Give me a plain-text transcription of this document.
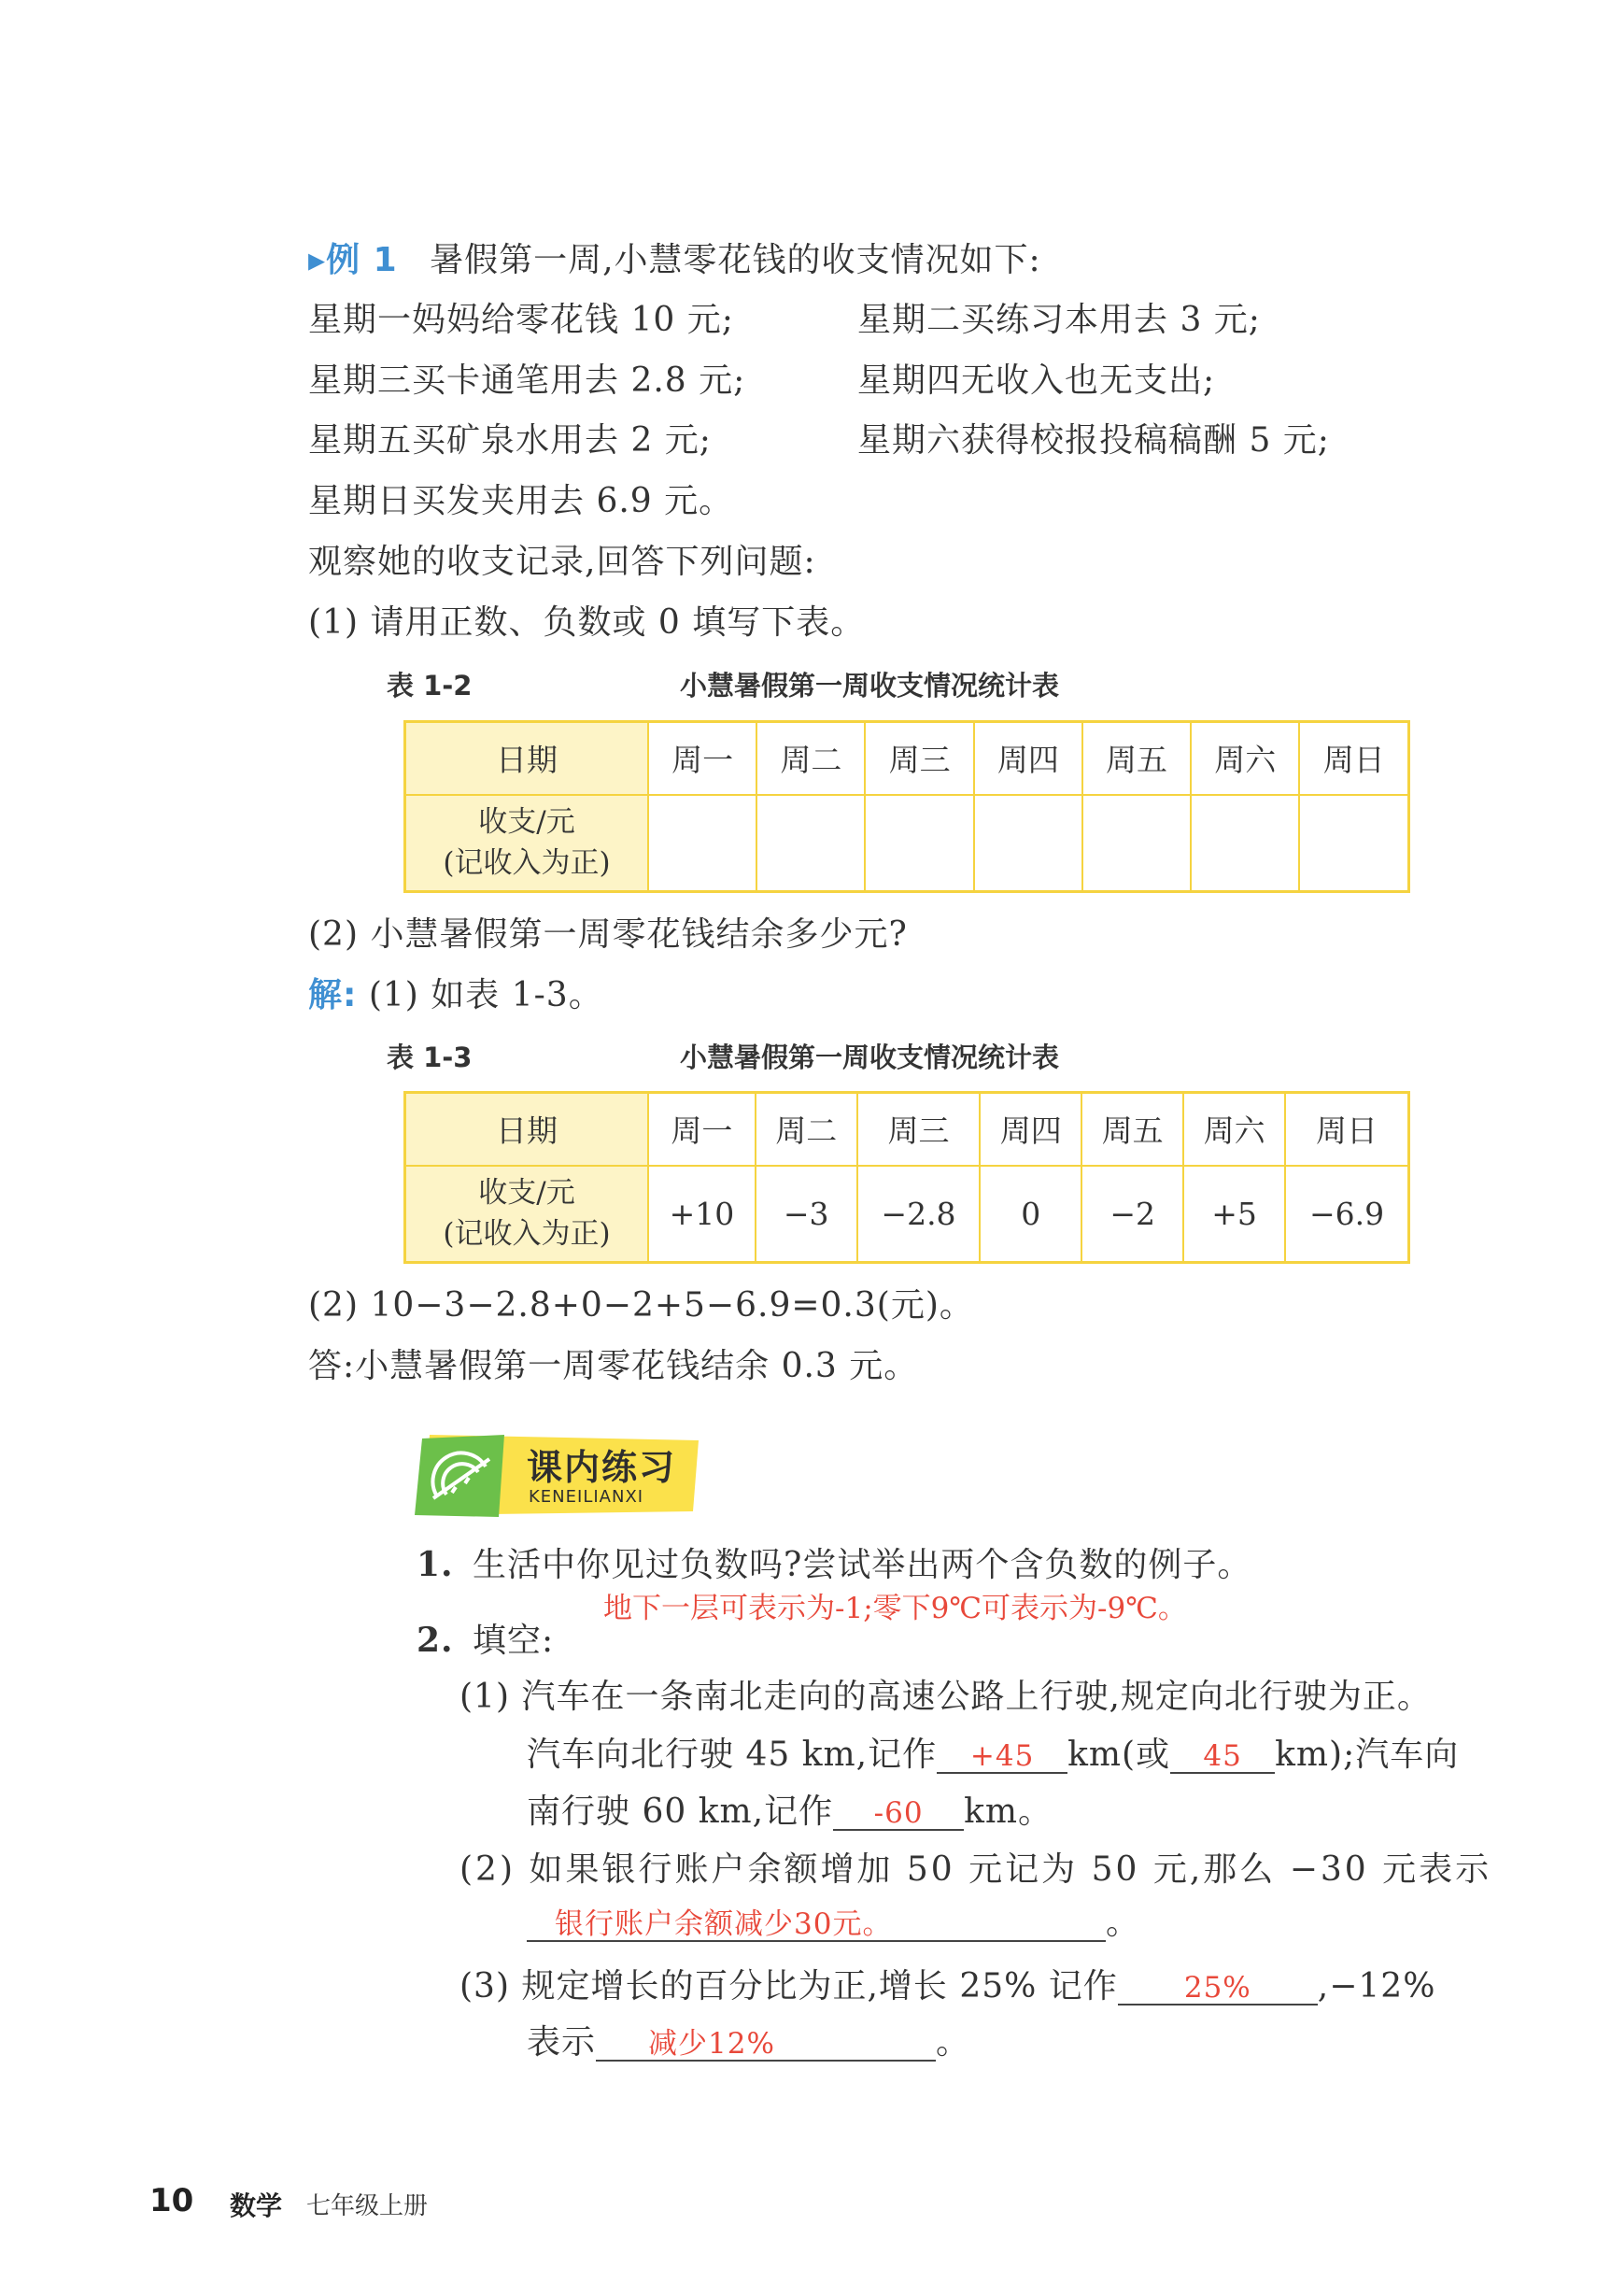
▸例 1 暑假第一周,小慧零花钱的收支情况如下:
星期一妈妈给零花钱 10 元;	星期二买练习本用去 3 元;
星期三买卡通笔用去 2.8 元;	星期四无收入也无支出;
星期五买矿泉水用去 2 元;	星期六获得校报投稿稿酬 5 元;
星期日买发夹用去 6.9 元。
观察她的收支记录,回答下列问题:
(1) 请用正数、负数或 0 填写下表。
表 1-2	小慧暑假第一周收支情况统计表
日期	周一	周二	周三	周四	周五	周六	周日

收支/元
(记收入为正)							

(2) 小慧暑假第一周零花钱结余多少元?
解: (1) 如表 1-3。
表 1-3	小慧暑假第一周收支情况统计表
日期	周一	周二	周三	周四	周五	周六	周日

收支/元
(记收入为正)	+10	−3	−2.8	0	−2	+5	−6.9
(2) 10−3−2.8+0−2+5−6.9=0.3(元)。
答:小慧暑假第一周零花钱结余 0.3 元。
课内练习
KENEILIANXI
1. 生活中你见过负数吗?尝试举出两个含负数的例子。
地下一层可表示为-1;零下9℃可表示为-9℃。
2. 填空:
(1) 汽车在一条南北走向的高速公路上行驶,规定向北行驶为正。
汽车向北行驶 45 km,记作 +45 km(或 45 km);汽车向
南行驶 60 km,记作 -60 km。
(2) 如果银行账户余额增加 50 元记为 50 元,那么 −30 元表示
银行账户余额减少30元。	。
(3) 规定增长的百分比为正,增长 25% 记作 25% ,−12%
表示 减少12%	。
10 数学 七年级上册
